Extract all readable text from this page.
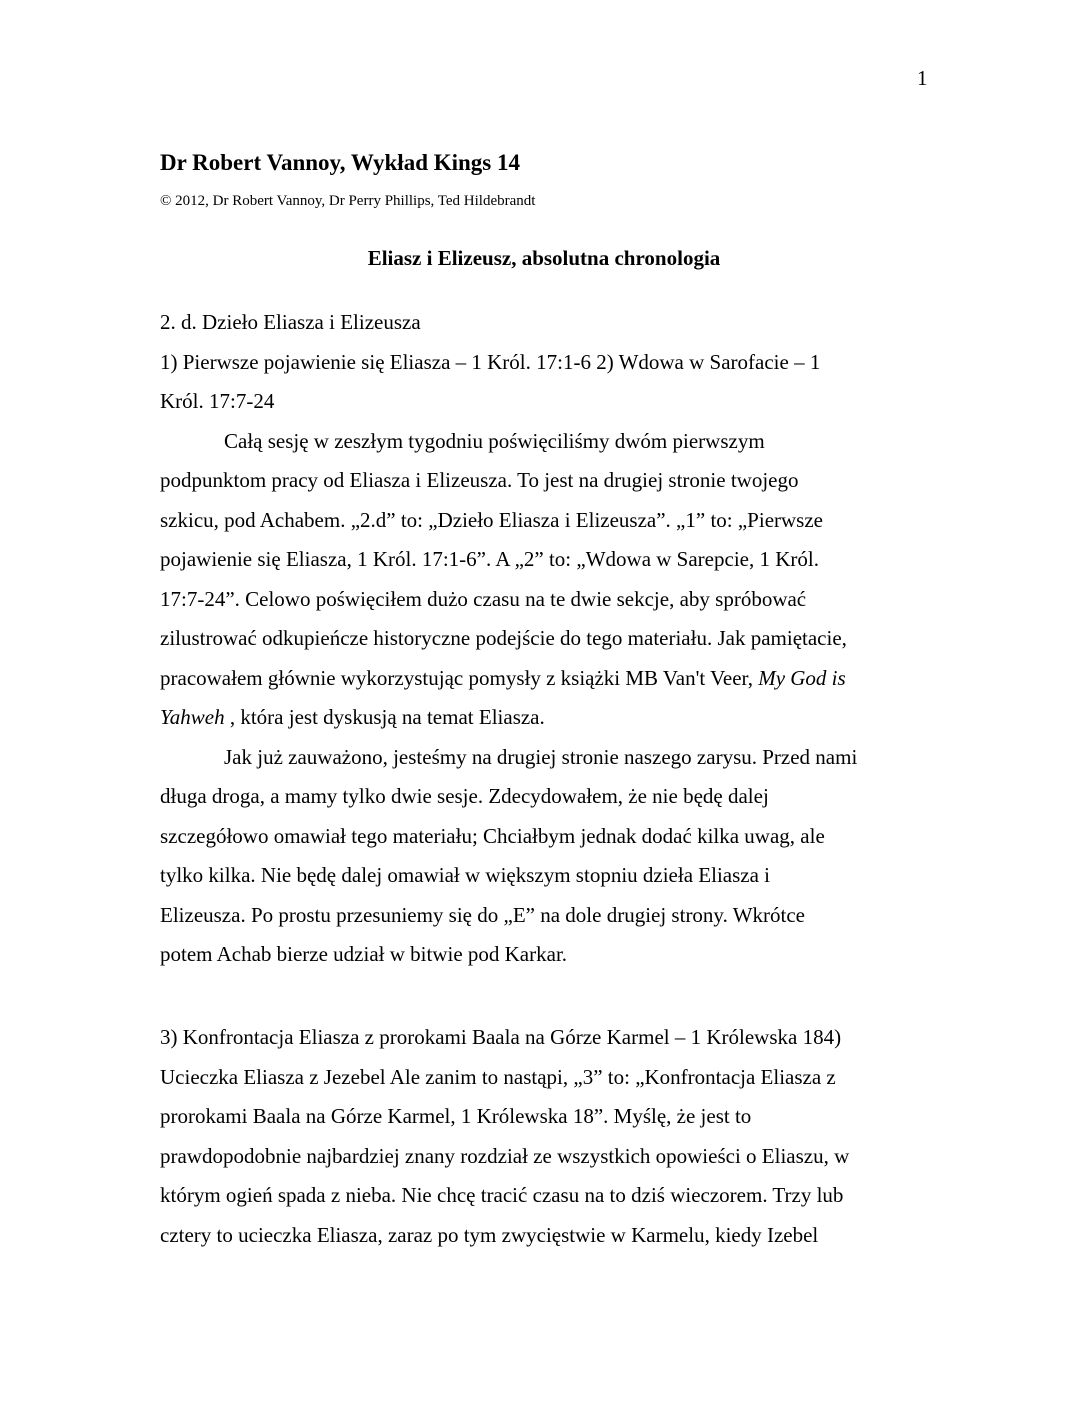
1
Dr Robert Vannoy, Wykład Kings 14
© 2012, Dr Robert Vannoy, Dr Perry Phillips, Ted Hildebrandt
Eliasz i Elizeusz, absolutna chronologia
2. d. Dzieło Eliasza i Elizeusza
1) Pierwsze pojawienie się Eliasza – 1 Król. 17:1-6 2) Wdowa w Sarofacie – 1
Król. 17:7-24
Całą sesję w zeszłym tygodniu poświęciliśmy dwóm pierwszym
podpunktom pracy od Eliasza i Elizeusza. To jest na drugiej stronie twojego
szkicu, pod Achabem. „2.d” to: „Dzieło Eliasza i Elizeusza”. „1” to: „Pierwsze
pojawienie się Eliasza, 1 Król. 17:1-6”. A „2” to: „Wdowa w Sarepcie, 1 Król.
17:7-24”. Celowo poświęciłem dużo czasu na te dwie sekcje, aby spróbować
zilustrować odkupieńcze historyczne podejście do tego materiału. Jak pamiętacie,
pracowałem głównie wykorzystując pomysły z książki MB Van't Veer, My God is
Yahweh , która jest dyskusją na temat Eliasza.
Jak już zauważono, jesteśmy na drugiej stronie naszego zarysu. Przed nami
długa droga, a mamy tylko dwie sesje. Zdecydowałem, że nie będę dalej
szczegółowo omawiał tego materiału; Chciałbym jednak dodać kilka uwag, ale
tylko kilka. Nie będę dalej omawiał w większym stopniu dzieła Eliasza i
Elizeusza. Po prostu przesuniemy się do „E” na dole drugiej strony. Wkrótce
potem Achab bierze udział w bitwie pod Karkar.
3) Konfrontacja Eliasza z prorokami Baala na Górze Karmel – 1 Królewska 184)
Ucieczka Eliasza z Jezebel Ale zanim to nastąpi, „3” to: „Konfrontacja Eliasza z
prorokami Baala na Górze Karmel, 1 Królewska 18”. Myślę, że jest to
prawdopodobnie najbardziej znany rozdział ze wszystkich opowieści o Eliaszu, w
którym ogień spada z nieba. Nie chcę tracić czasu na to dziś wieczorem. Trzy lub
cztery to ucieczka Eliasza, zaraz po tym zwycięstwie w Karmelu, kiedy Izebel
